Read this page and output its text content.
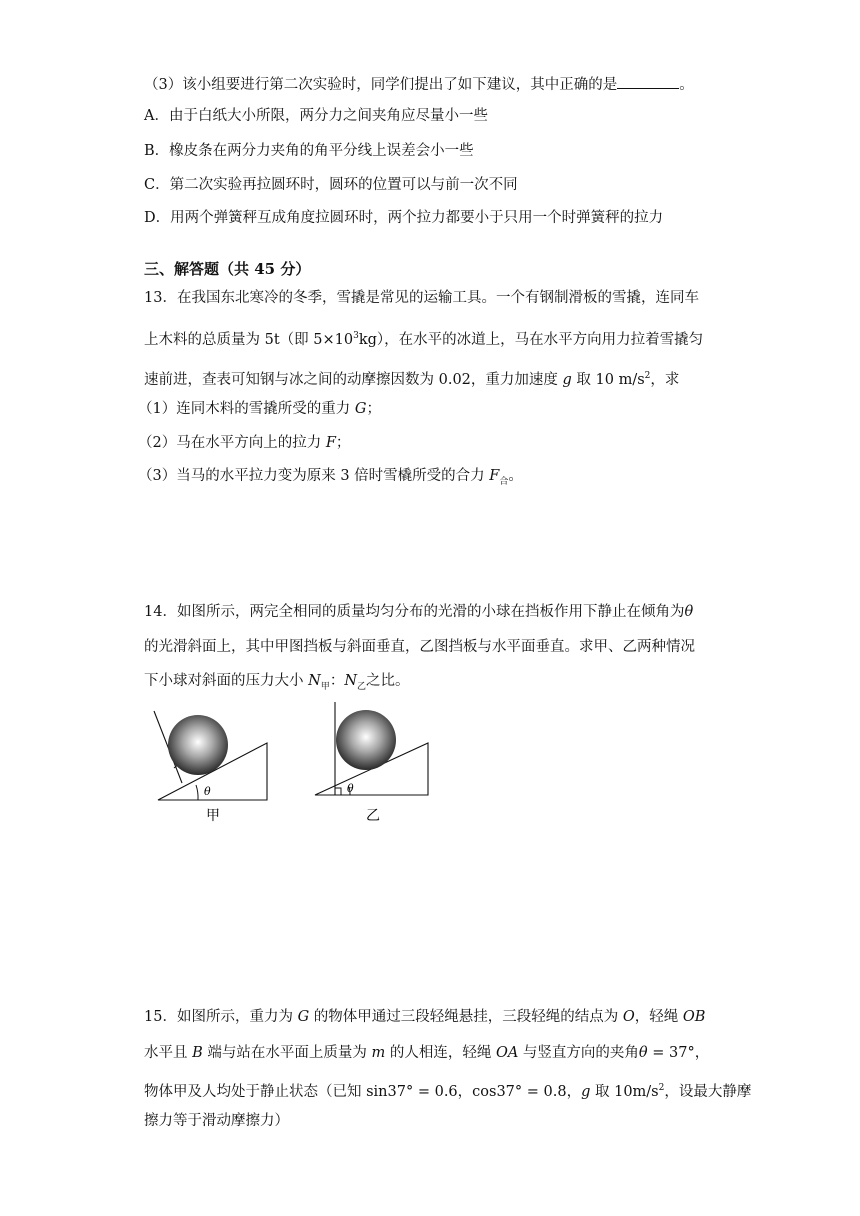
（3）该小组要进行第二次实验时，同学们提出了如下建议，其中正确的是	。
A．由于白纸大小所限，两分力之间夹角应尽量小一些
B．橡皮条在两分力夹角的角平分线上误差会小一些
C．第二次实验再拉圆环时，圆环的位置可以与前一次不同
D．用两个弹簧秤互成角度拉圆环时，两个拉力都要小于只用一个时弹簧秤的拉力
三、解答题（共 45 分）
13．在我国东北寒冷的冬季，雪撬是常见的运输工具。一个有钢制滑板的雪撬，连同车
上木料的总质量为 5t（即 $5\times 10^3kg$），在水平的冰道上，马在水平方向用力拉着雪撬匀
速前进，查表可知钢与冰之间的动摩擦因数为 0.02，重力加速度 g 取 10 $m/s^2$，求
（1）连同木料的雪撬所受的重力 G；
（2）马在水平方向上的拉力 F；
（3）当马的水平拉力变为原来 3 倍时雪橇所受的合力 $F_合$。
14．如图所示，两完全相同的质量均匀分布的光滑的小球在挡板作用下静止在倾角为θ
的光滑斜面上，其中甲图挡板与斜面垂直，乙图挡板与水平面垂直。求甲、乙两种情况
下小球对斜面的压力大小 $N_甲$：$N_乙$之比。
θ
甲
θ
乙
15．如图所示，重力为 G 的物体甲通过三段轻绳悬挂，三段轻绳的结点为 O，轻绳 OB
水平且 B 端与站在水平面上质量为 m 的人相连，轻绳 OA 与竖直方向的夹角θ = 37°，
物体甲及人均处于静止状态（已知 sin37° = 0.6，cos37° = 0.8，g 取 $10m/s^2$，设最大静摩
擦力等于滑动摩擦力）
